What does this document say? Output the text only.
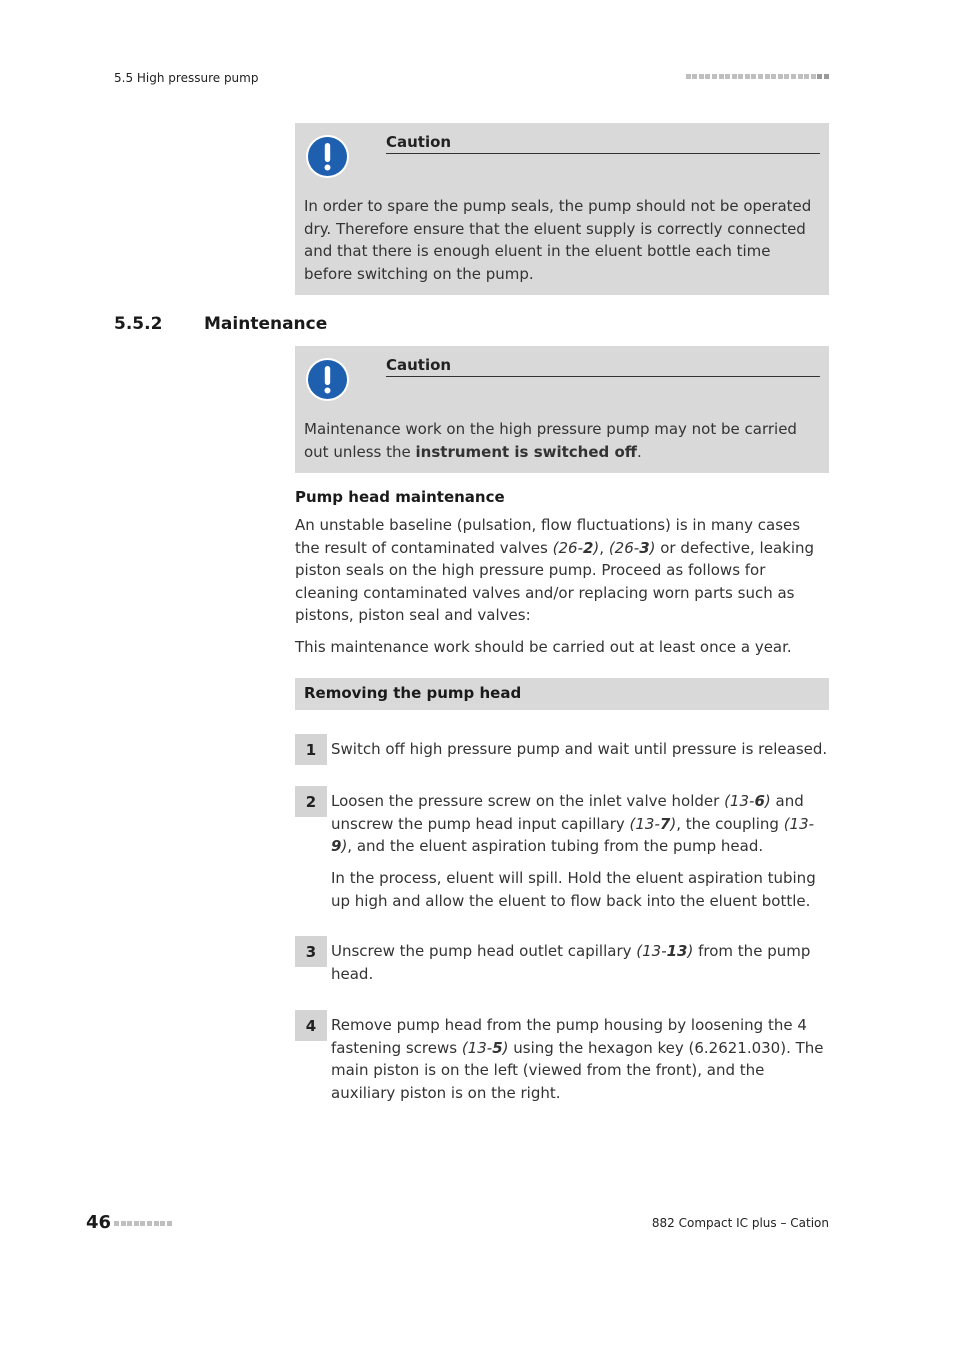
5.5 High pressure pump
Caution
In order to spare the pump seals, the pump should not be operated dry. Therefore ensure that the eluent supply is correctly connected and that there is enough eluent in the eluent bottle each time before switching on the pump.
5.5.2 Maintenance
Caution
Maintenance work on the high pressure pump may not be carried out unless the instrument is switched off.
Pump head maintenance
An unstable baseline (pulsation, flow fluctuations) is in many cases the result of contaminated valves (26-2), (26-3) or defective, leaking piston seals on the high pressure pump. Proceed as follows for cleaning contaminated valves and/or replacing worn parts such as pistons, piston seal and valves:
This maintenance work should be carried out at least once a year.
Removing the pump head
1 Switch off high pressure pump and wait until pressure is released.
2 Loosen the pressure screw on the inlet valve holder (13-6) and unscrew the pump head input capillary (13-7), the coupling (13-9), and the eluent aspiration tubing from the pump head.
In the process, eluent will spill. Hold the eluent aspiration tubing up high and allow the eluent to flow back into the eluent bottle.
3 Unscrew the pump head outlet capillary (13-13) from the pump head.
4 Remove pump head from the pump housing by loosening the 4 fastening screws (13-5) using the hexagon key (6.2621.030). The main piston is on the left (viewed from the front), and the auxiliary piston is on the right.
46	882 Compact IC plus – Cation
